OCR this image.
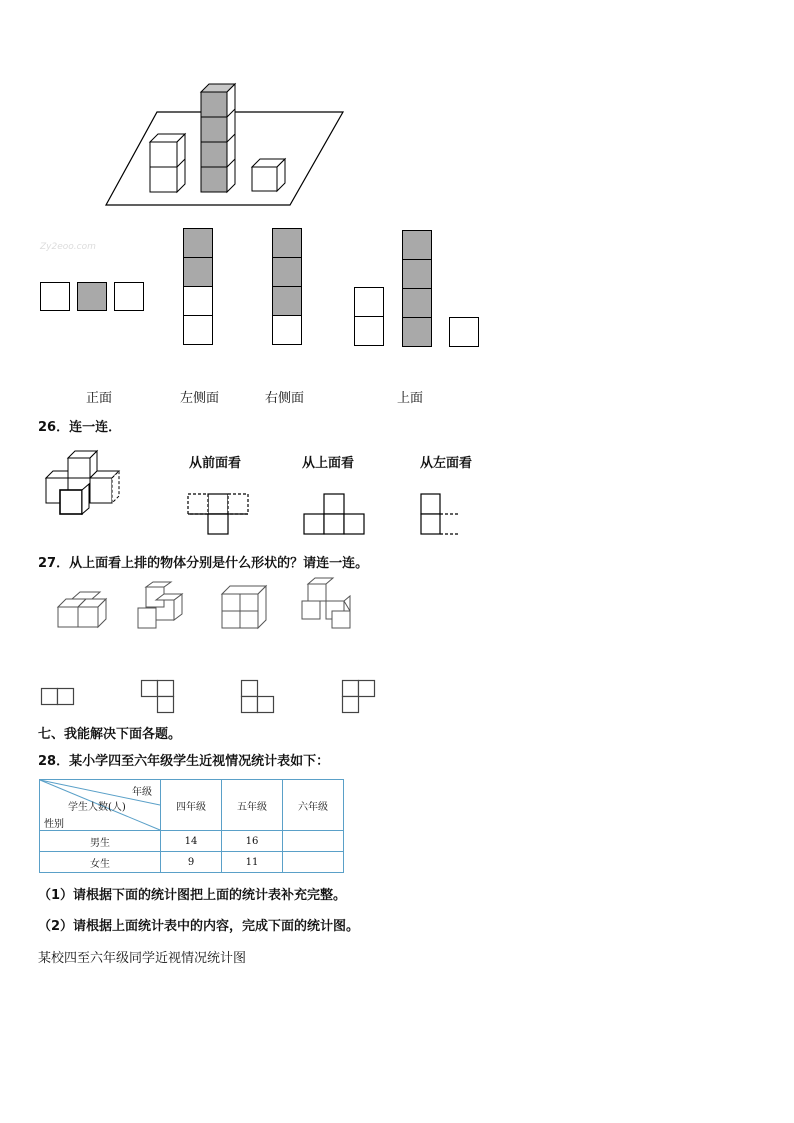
Zy2eoo.com
正面	左侧面	右侧面	上面
26．连一连．
从前面看	从上面看	从左面看
27．从上面看上排的物体分别是什么形状的？请连一连。
七、我能解决下面各题。
28．某小学四至六年级学生近视情况统计表如下：
年级
学生人数(人)
性别	四年级	五年级	六年级
男生	14	16	
女生	9	11	
（1）请根据下面的统计图把上面的统计表补充完整。
（2）请根据上面统计表中的内容，完成下面的统计图。
某校四至六年级同学近视情况统计图
